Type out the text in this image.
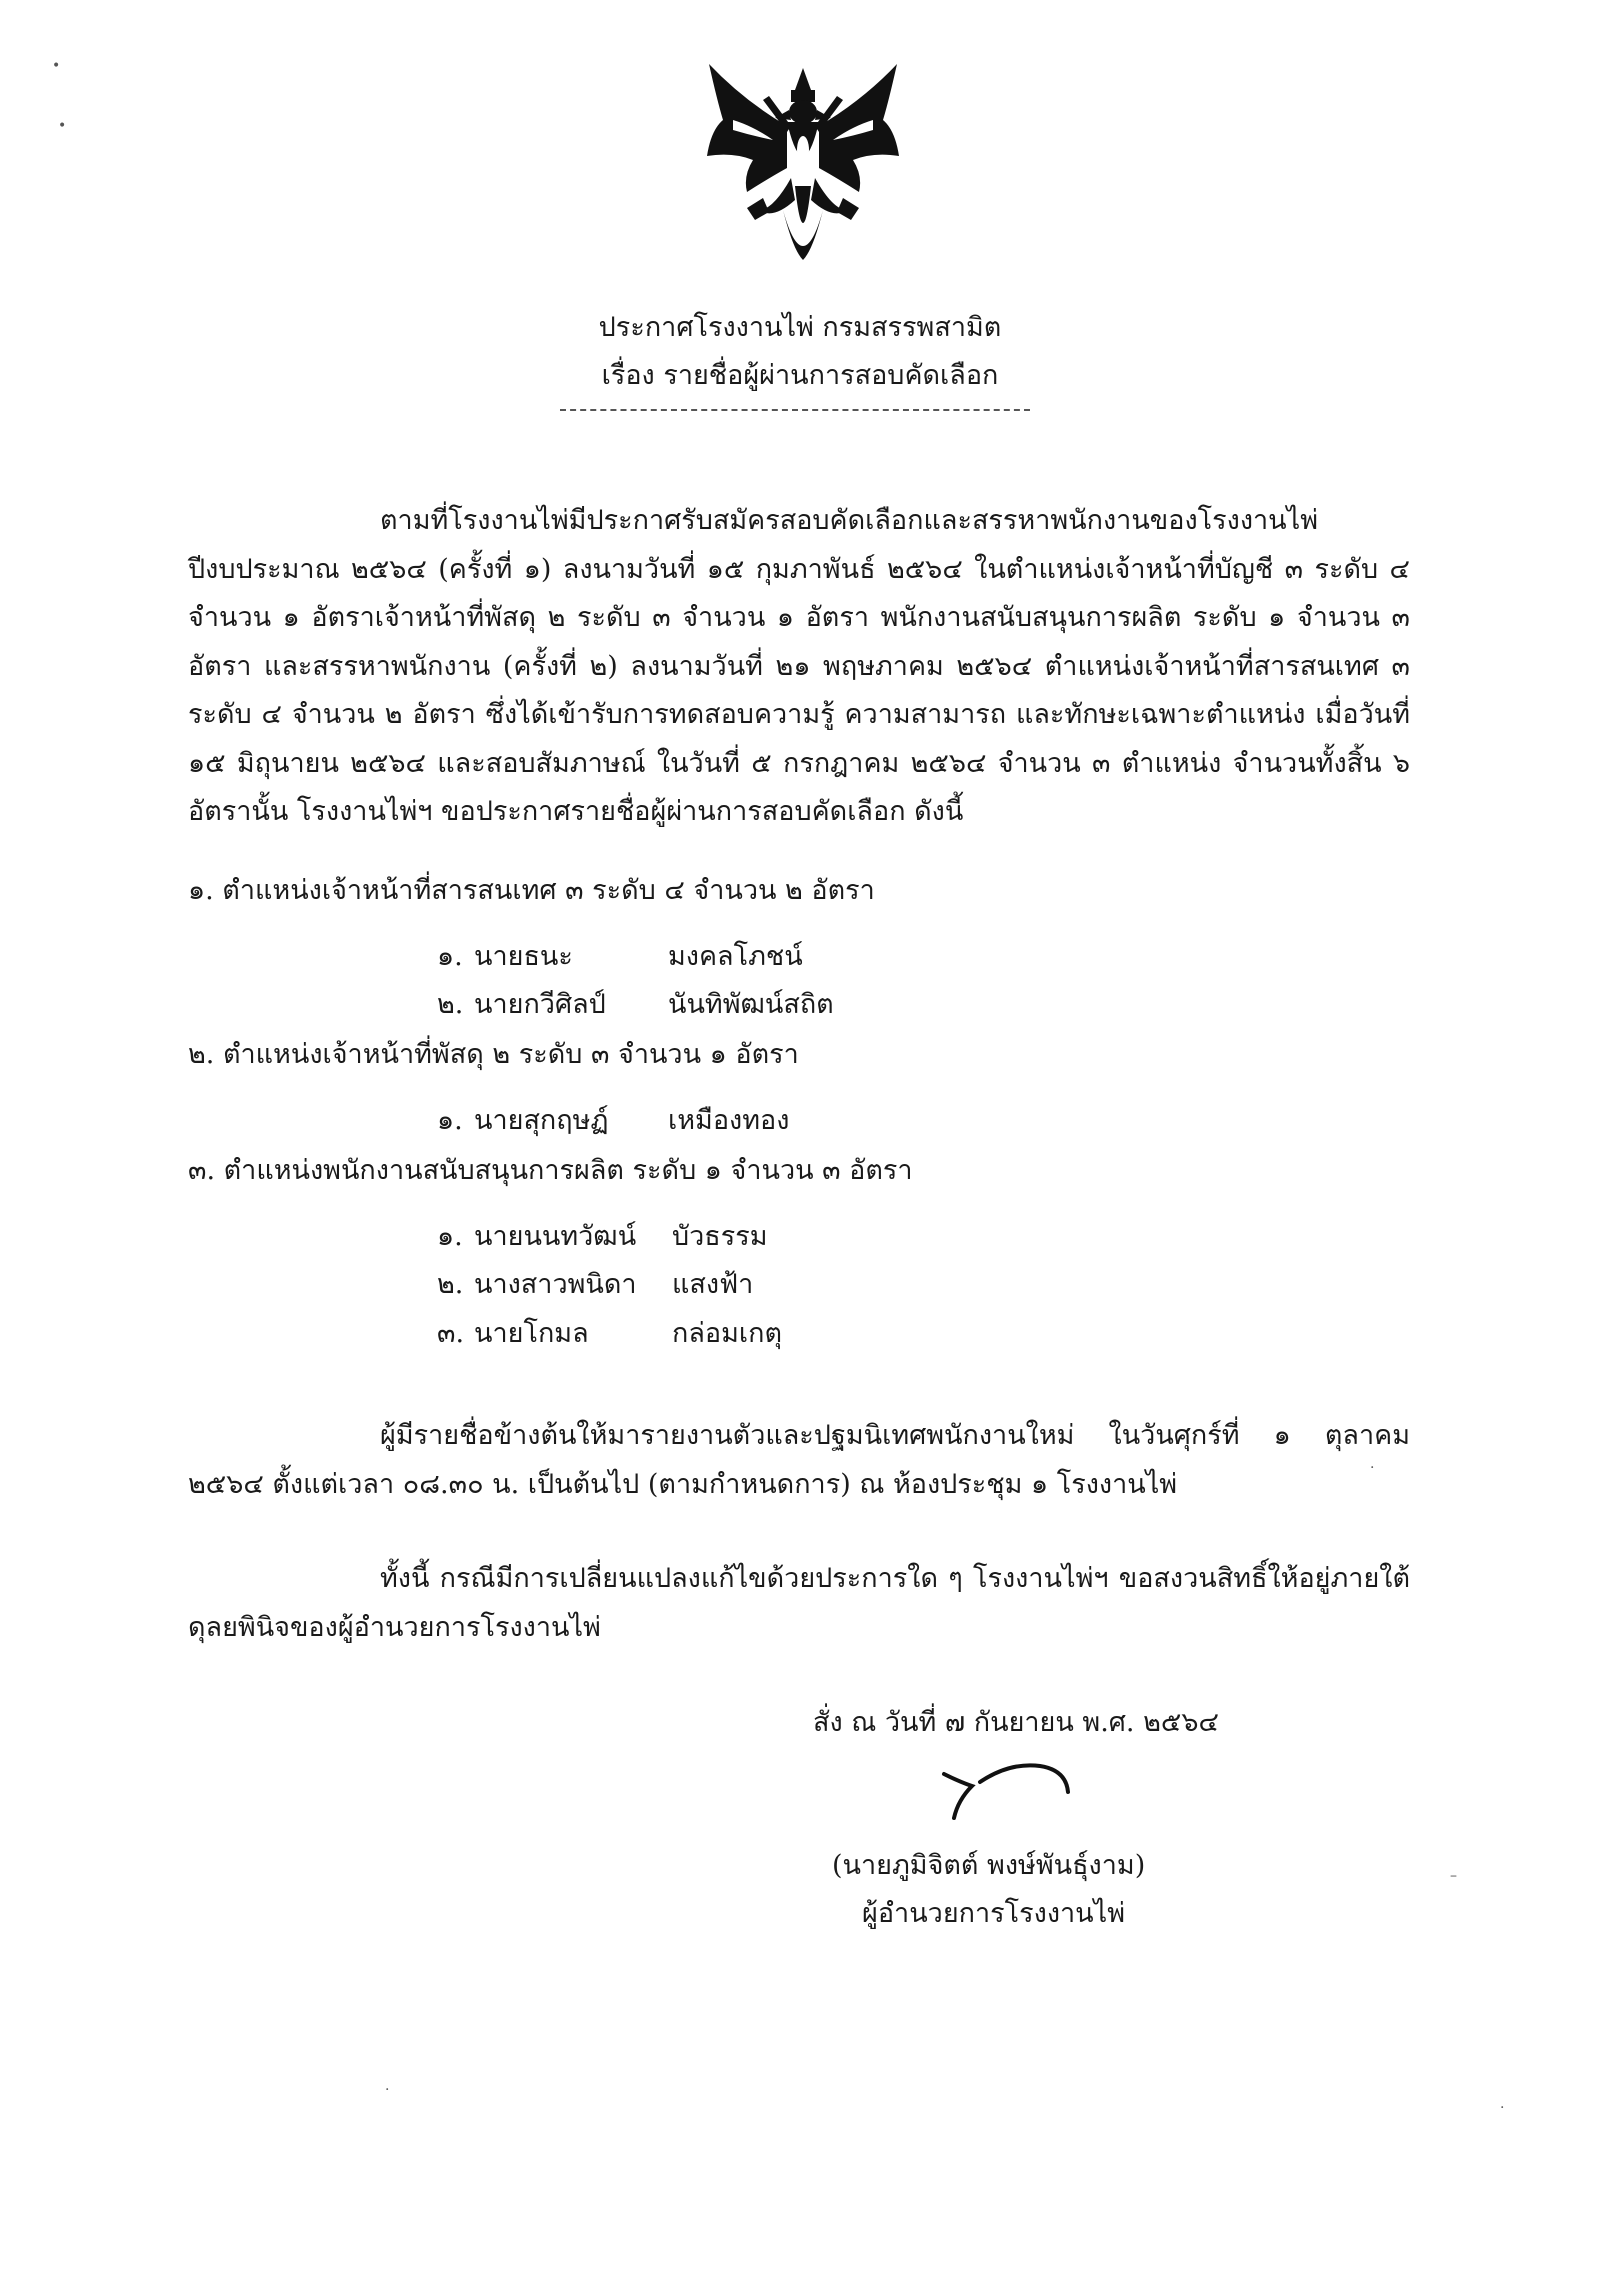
ประกาศโรงงานไพ่ กรมสรรพสามิต
เรื่อง รายชื่อผู้ผ่านการสอบคัดเลือก
ตามที่โรงงานไพ่มีประกาศรับสมัครสอบคัดเลือกและสรรหาพนักงานของโรงงานไพ่ ปีงบประมาณ ๒๕๖๔ (ครั้งที่ ๑) ลงนามวันที่ ๑๕ กุมภาพันธ์ ๒๕๖๔ ในตำแหน่งเจ้าหน้าที่บัญชี ๓ ระดับ ๔ จำนวน ๑ อัตราเจ้าหน้าที่พัสดุ ๒ ระดับ ๓ จำนวน ๑ อัตรา พนักงานสนับสนุนการผลิต ระดับ ๑ จำนวน ๓ อัตรา และสรรหาพนักงาน (ครั้งที่ ๒) ลงนามวันที่ ๒๑ พฤษภาคม ๒๕๖๔ ตำแหน่งเจ้าหน้าที่สารสนเทศ ๓ ระดับ ๔ จำนวน ๒ อัตรา ซึ่งได้เข้ารับการทดสอบความรู้ ความสามารถ และทักษะเฉพาะตำแหน่ง เมื่อวันที่ ๑๕ มิถุนายน ๒๕๖๔ และสอบสัมภาษณ์ ในวันที่ ๕ กรกฎาคม ๒๕๖๔ จำนวน ๓ ตำแหน่ง จำนวนทั้งสิ้น ๖ อัตรานั้น โรงงานไพ่ฯ ขอประกาศรายชื่อผู้ผ่านการสอบคัดเลือก ดังนี้
๑. ตำแหน่งเจ้าหน้าที่สารสนเทศ ๓ ระดับ ๔ จำนวน ๒ อัตรา
๑. นายธนะ	มงคลโภชน์
๒. นายกวีศิลป์ นันทิพัฒน์สถิต
๒. ตำแหน่งเจ้าหน้าที่พัสดุ ๒ ระดับ ๓ จำนวน ๑ อัตรา
๑. นายสุกฤษฏ์ เหมืองทอง
๓. ตำแหน่งพนักงานสนับสนุนการผลิต ระดับ ๑ จำนวน ๓ อัตรา
๑. นายนนทวัฒน์ บัวธรรม
๒. นางสาวพนิดา แสงฟ้า
๓. นายโกมล	กล่อมเกตุ
ผู้มีรายชื่อข้างต้นให้มารายงานตัวและปฐมนิเทศพนักงานใหม่ ในวันศุกร์ที่ ๑ ตุลาคม ๒๕๖๔ ตั้งแต่เวลา ๐๘.๓๐ น. เป็นต้นไป (ตามกำหนดการ) ณ ห้องประชุม ๑ โรงงานไพ่
ทั้งนี้ กรณีมีการเปลี่ยนแปลงแก้ไขด้วยประการใด ๆ โรงงานไพ่ฯ ขอสงวนสิทธิ์ให้อยู่ภายใต้ดุลยพินิจของผู้อำนวยการโรงงานไพ่
สั่ง ณ วันที่ ๗ กันยายน พ.ศ. ๒๕๖๔
(นายภูมิจิตต์ พงษ์พันธุ์งาม)
ผู้อำนวยการโรงงานไพ่
•
•
·
–
·
·
